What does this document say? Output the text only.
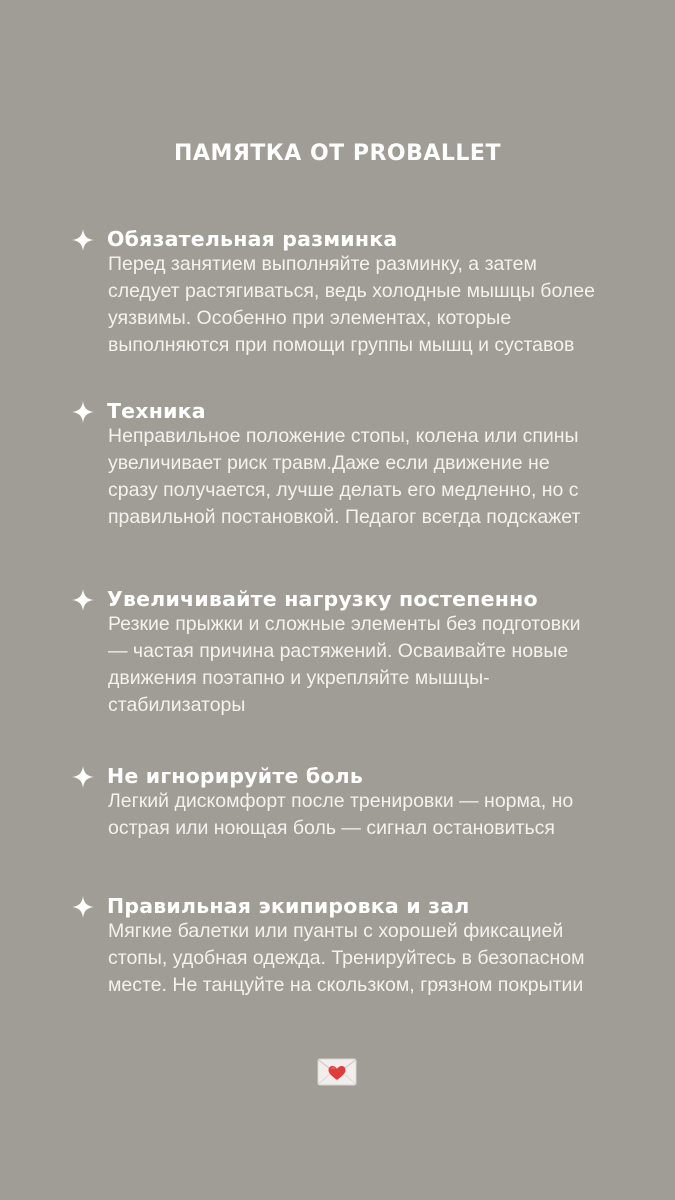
ПАМЯТКА ОТ PROBALLET
Обязательная разминка
Перед занятием выполняйте разминку, а затем
следует растягиваться, ведь холодные мышцы более
уязвимы. Особенно при элементах, которые
выполняются при помощи группы мышц и суставов
Техника
Неправильное положение стопы, колена или спины
увеличивает риск травм.Даже если движение не
сразу получается, лучше делать его медленно, но с
правильной постановкой. Педагог всегда подскажет
Увеличивайте нагрузку постепенно
Резкие прыжки и сложные элементы без подготовки
— частая причина растяжений. Осваивайте новые
движения поэтапно и укрепляйте мышцы-
стабилизаторы
Не игнорируйте боль
Легкий дискомфорт после тренировки — норма, но
острая или ноющая боль — сигнал остановиться
Правильная экипировка и зал
Мягкие балетки или пуанты с хорошей фиксацией
стопы, удобная одежда. Тренируйтесь в безопасном
месте. Не танцуйте на скользком, грязном покрытии
